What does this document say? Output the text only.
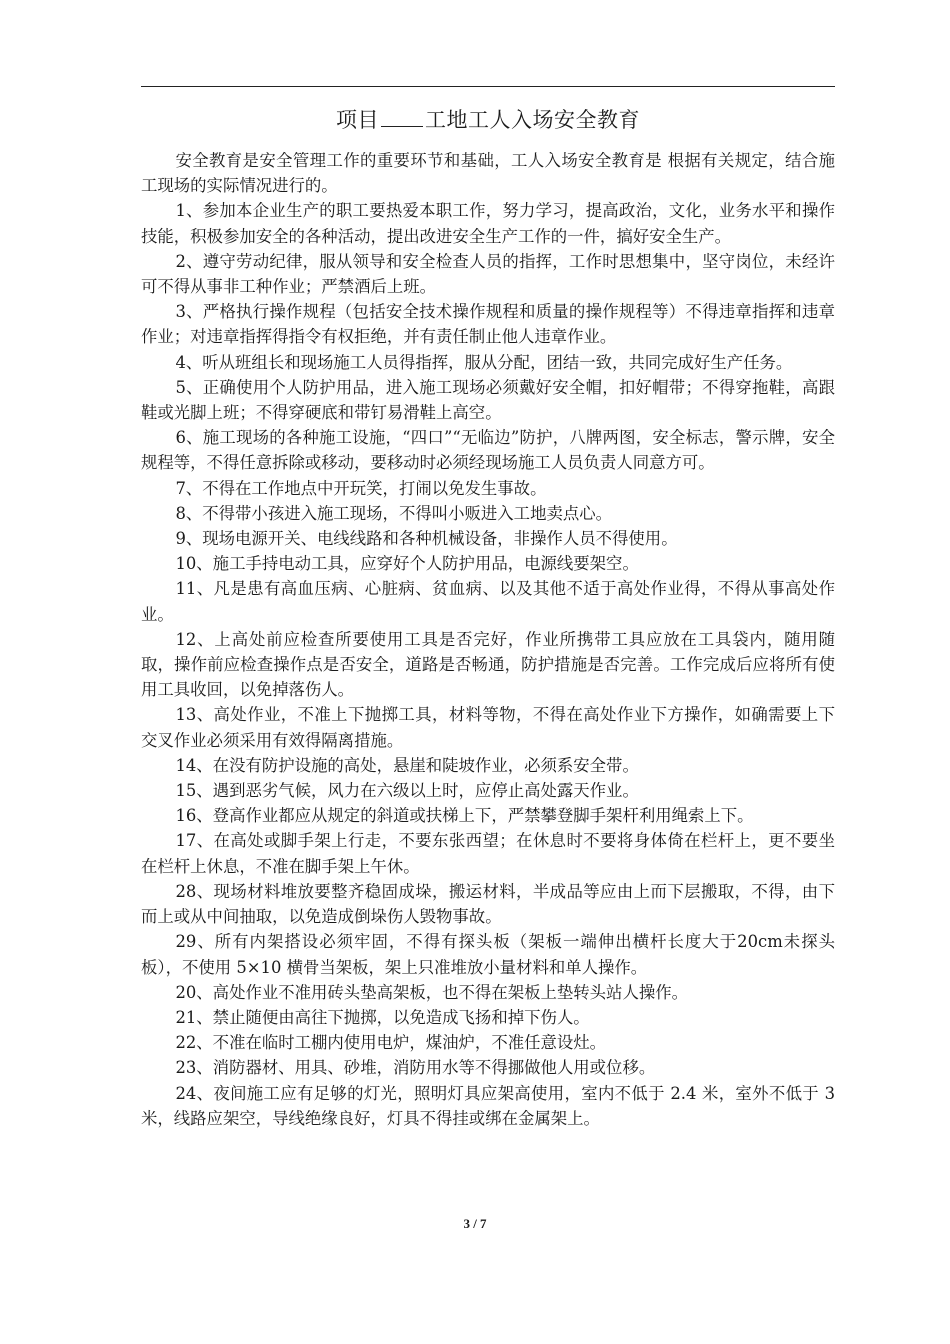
项目 工地工人入场安全教育

安全教育是安全管理工作的重要环节和基础，工人入场安全教育是 根据有关规定，结合施工现场的实际情况进行的。

1、参加本企业生产的职工要热爱本职工作，努力学习，提高政治，文化，业务水平和操作技能，积极参加安全的各种活动，提出改进安全生产工作的一件，搞好安全生产。

2、遵守劳动纪律，服从领导和安全检查人员的指挥，工作时思想集中，坚守岗位，未经许可不得从事非工种作业；严禁酒后上班。

3、严格执行操作规程（包括安全技术操作规程和质量的操作规程等）不得违章指挥和违章作业；对违章指挥得指令有权拒绝，并有责任制止他人违章作业。

4、听从班组长和现场施工人员得指挥，服从分配，团结一致，共同完成好生产任务。

5、正确使用个人防护用品，进入施工现场必须戴好安全帽，扣好帽带；不得穿拖鞋，高跟鞋或光脚上班；不得穿硬底和带钉易滑鞋上高空。

6、施工现场的各种施工设施，“四口”“无临边”防护，八牌两图，安全标志，警示牌，安全规程等，不得任意拆除或移动，要移动时必须经现场施工人员负责人同意方可。

7、不得在工作地点中开玩笑，打闹以免发生事故。

8、不得带小孩进入施工现场，不得叫小贩进入工地卖点心。

9、现场电源开关、电线线路和各种机械设备，非操作人员不得使用。

10、施工手持电动工具，应穿好个人防护用品，电源线要架空。

11、凡是患有高血压病、心脏病、贫血病、以及其他不适于高处作业得，不得从事高处作业。

12、上高处前应检查所要使用工具是否完好，作业所携带工具应放在工具袋内，随用随取，操作前应检查操作点是否安全，道路是否畅通，防护措施是否完善。工作完成后应将所有使用工具收回，以免掉落伤人。

13、高处作业，不准上下抛掷工具，材料等物，不得在高处作业下方操作，如确需要上下交叉作业必须采用有效得隔离措施。

14、在没有防护设施的高处，悬崖和陡坡作业，必须系安全带。

15、遇到恶劣气候，风力在六级以上时，应停止高处露天作业。

16、登高作业都应从规定的斜道或扶梯上下，严禁攀登脚手架杆利用绳索上下。

17、在高处或脚手架上行走，不要东张西望；在休息时不要将身体倚在栏杆上，更不要坐在栏杆上休息，不准在脚手架上午休。

28、现场材料堆放要整齐稳固成垛，搬运材料，半成品等应由上而下层搬取，不得，由下而上或从中间抽取，以免造成倒垛伤人毁物事故。

29、所有内架搭设必须牢固，不得有探头板（架板一端伸出横杆长度大于20cm未探头板），不使用 5×10 横骨当架板，架上只准堆放小量材料和单人操作。

20、高处作业不准用砖头垫高架板，也不得在架板上垫转头站人操作。

21、禁止随便由高往下抛掷，以免造成飞扬和掉下伤人。

22、不准在临时工棚内使用电炉，煤油炉，不准任意设灶。

23、消防器材、用具、砂堆，消防用水等不得挪做他人用或位移。

24、夜间施工应有足够的灯光，照明灯具应架高使用，室内不低于 2.4 米，室外不低于 3 米，线路应架空，导线绝缘良好，灯具不得挂或绑在金属架上。

3 / 7
